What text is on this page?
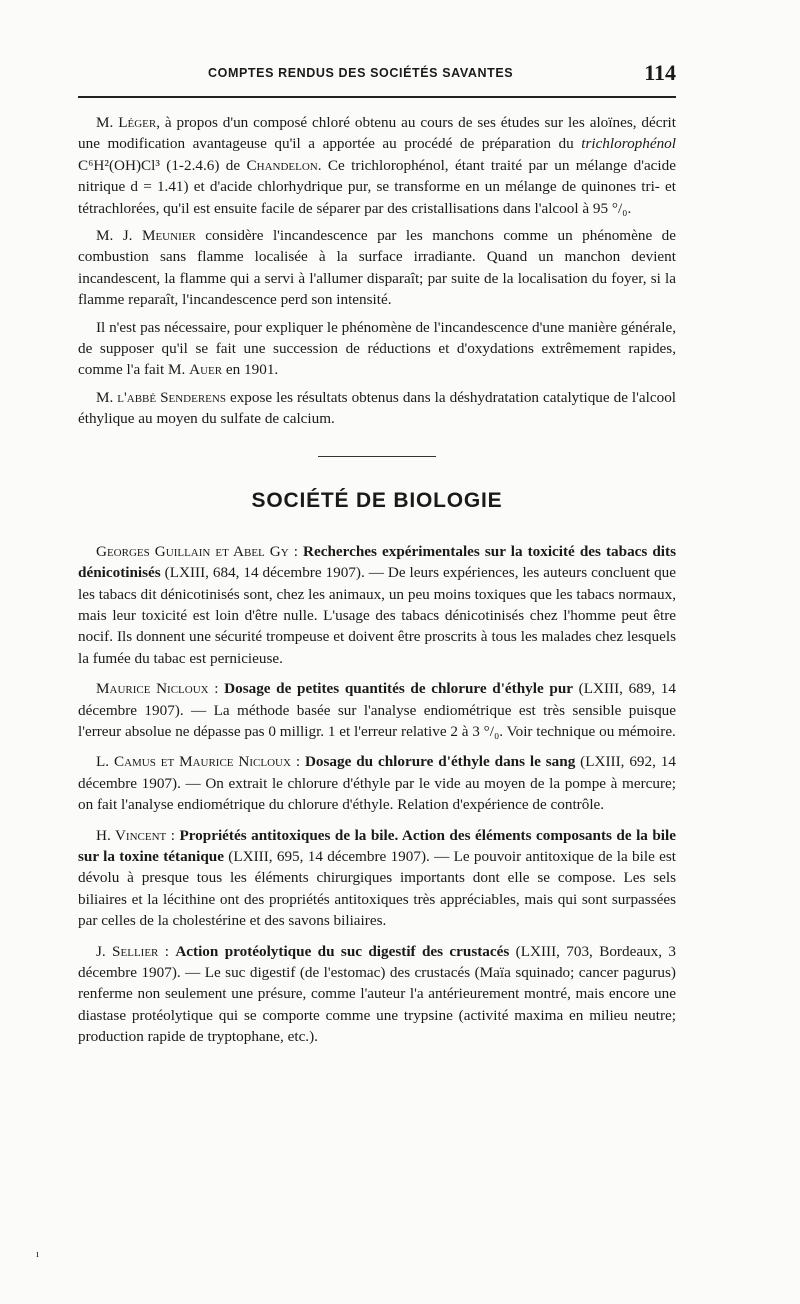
COMPTES RENDUS DES SOCIÉTÉS SAVANTES	114

M. Léger, à propos d'un composé chloré obtenu au cours de ses études sur les aloïnes, décrit une modification avantageuse qu'il a apportée au procédé de préparation du trichlorophénol C⁶H²(OH)Cl³ (1-2.4.6) de Chandelon. Ce trichlorophénol, étant traité par un mélange d'acide nitrique d = 1.41) et d'acide chlorhydrique pur, se transforme en un mélange de quinones tri- et tétrachlorées, qu'il est ensuite facile de séparer par des cristallisations dans l'alcool à 95 °/₀.

M. J. Meunier considère l'incandescence par les manchons comme un phénomène de combustion sans flamme localisée à la surface irradiante. Quand un manchon devient incandescent, la flamme qui a servi à l'allumer disparaît; par suite de la localisation du foyer, si la flamme reparaît, l'incandescence perd son intensité.

Il n'est pas nécessaire, pour expliquer le phénomène de l'incandescence d'une manière générale, de supposer qu'il se fait une succession de réductions et d'oxydations extrêmement rapides, comme l'a fait M. Auer en 1901.

M. l'abbé Senderens expose les résultats obtenus dans la déshydratation catalytique de l'alcool éthylique au moyen du sulfate de calcium.

SOCIÉTÉ DE BIOLOGIE

Georges Guillain et Abel Gy : Recherches expérimentales sur la toxicité des tabacs dits dénicotinisés (LXIII, 684, 14 décembre 1907). — De leurs expériences, les auteurs concluent que les tabacs dit dénicotinisés sont, chez les animaux, un peu moins toxiques que les tabacs normaux, mais leur toxicité est loin d'être nulle. L'usage des tabacs dénicotinisés chez l'homme peut être nocif. Ils donnent une sécurité trompeuse et doivent être proscrits à tous les malades chez lesquels la fumée du tabac est pernicieuse.

Maurice Nicloux : Dosage de petites quantités de chlorure d'éthyle pur (LXIII, 689, 14 décembre 1907). — La méthode basée sur l'analyse endiométrique est très sensible puisque l'erreur absolue ne dépasse pas 0 milligr. 1 et l'erreur relative 2 à 3 °/₀. Voir technique ou mémoire.

L. Camus et Maurice Nicloux : Dosage du chlorure d'éthyle dans le sang (LXIII, 692, 14 décembre 1907). — On extrait le chlorure d'éthyle par le vide au moyen de la pompe à mercure; on fait l'analyse endiométrique du chlorure d'éthyle. Relation d'expérience de contrôle.

H. Vincent : Propriétés antitoxiques de la bile. Action des éléments composants de la bile sur la toxine tétanique (LXIII, 695, 14 décembre 1907). — Le pouvoir antitoxique de la bile est dévolu à presque tous les éléments chirurgiques importants dont elle se compose. Les sels biliaires et la lécithine ont des propriétés antitoxiques très appréciables, mais qui sont surpassées par celles de la cholestérine et des savons biliaires.

J. Sellier : Action protéolytique du suc digestif des crustacés (LXIII, 703, Bordeaux, 3 décembre 1907). — Le suc digestif (de l'estomac) des crustacés (Maïa squinado; cancer pagurus) renferme non seulement une présure, comme l'auteur l'a antérieurement montré, mais encore une diastase protéolytique qui se comporte comme une trypsine (activité maxima en milieu neutre; production rapide de tryptophane, etc.).

ı
